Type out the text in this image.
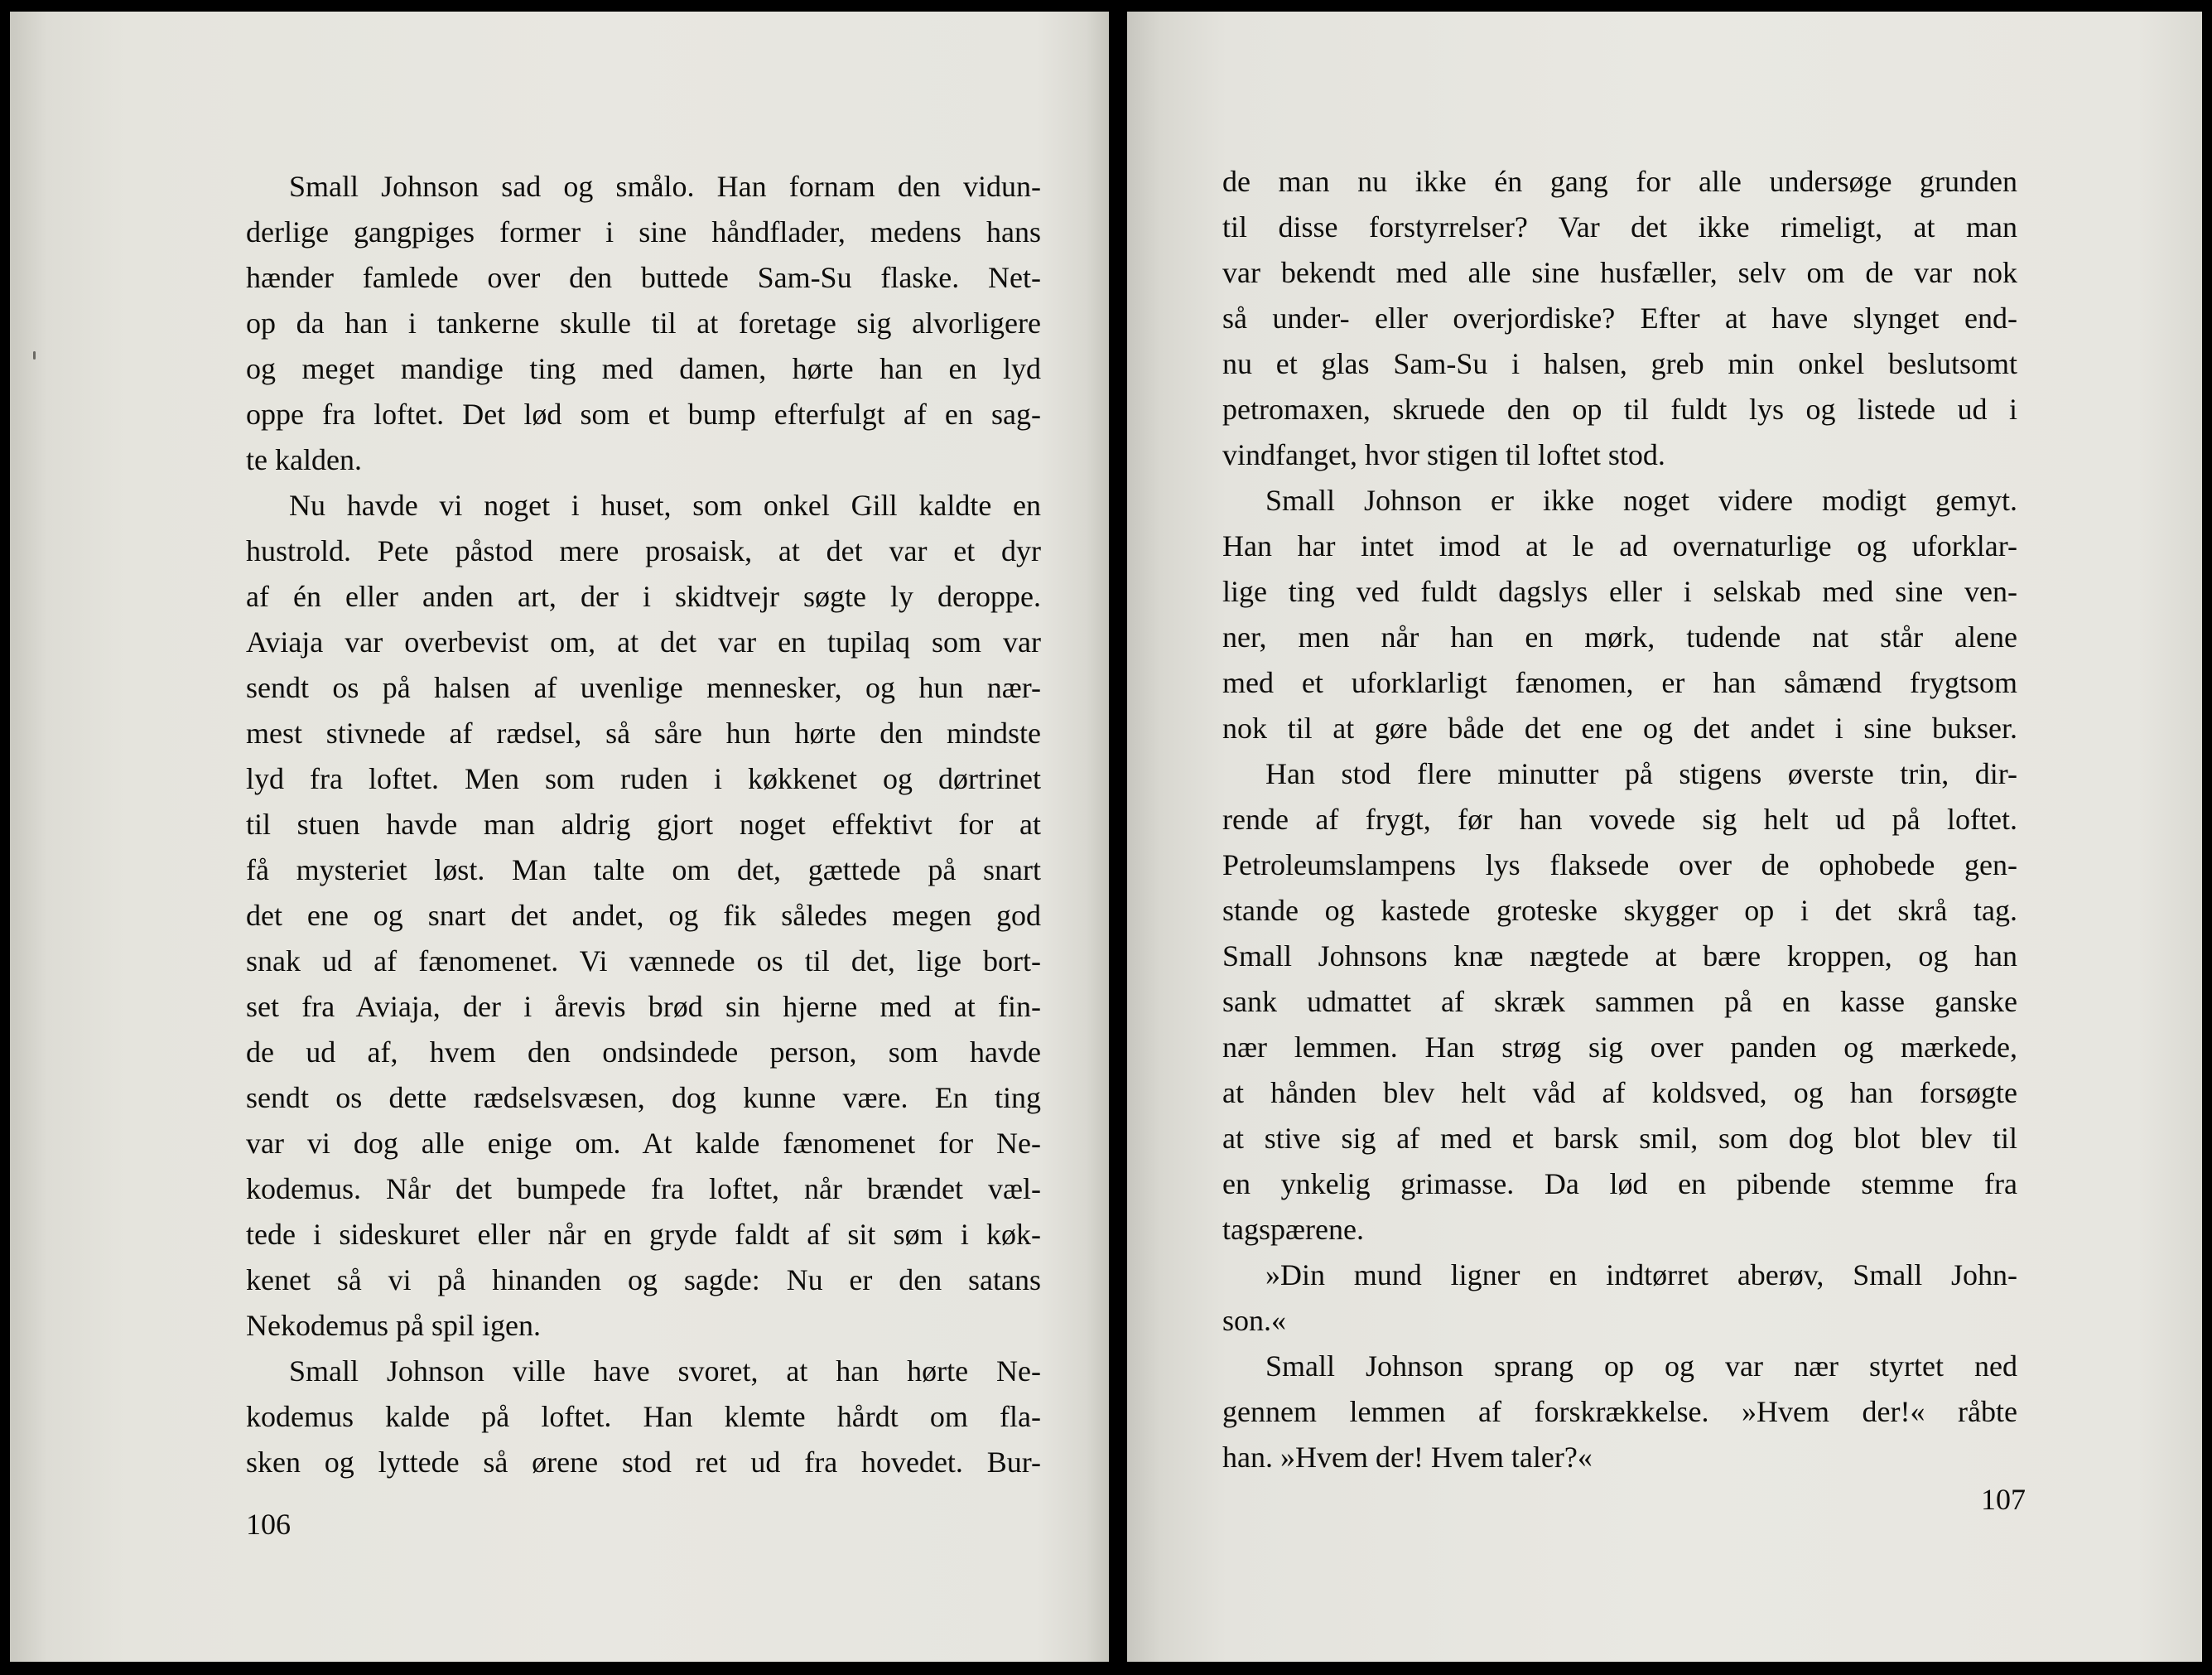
Small Johnson sad og smålo. Han fornam den vidun-
derlige gangpiges former i sine håndflader, medens hans
hænder famlede over den buttede Sam-Su flaske. Net-
op da han i tankerne skulle til at foretage sig alvorligere
og meget mandige ting med damen, hørte han en lyd
oppe fra loftet. Det lød som et bump efterfulgt af en sag-
te kalden.

Nu havde vi noget i huset, som onkel Gill kaldte en
hustrold. Pete påstod mere prosaisk, at det var et dyr
af én eller anden art, der i skidtvejr søgte ly deroppe.
Aviaja var overbevist om, at det var en tupilaq som var
sendt os på halsen af uvenlige mennesker, og hun nær-
mest stivnede af rædsel, så såre hun hørte den mindste
lyd fra loftet. Men som ruden i køkkenet og dørtrinet
til stuen havde man aldrig gjort noget effektivt for at
få mysteriet løst. Man talte om det, gættede på snart
det ene og snart det andet, og fik således megen god
snak ud af fænomenet. Vi vænnede os til det, lige bort-
set fra Aviaja, der i årevis brød sin hjerne med at fin-
de ud af, hvem den ondsindede person, som havde
sendt os dette rædselsvæsen, dog kunne være. En ting
var vi dog alle enige om. At kalde fænomenet for Ne-
kodemus. Når det bumpede fra loftet, når brændet væl-
tede i sideskuret eller når en gryde faldt af sit søm i køk-
kenet så vi på hinanden og sagde: Nu er den satans
Nekodemus på spil igen.

Small Johnson ville have svoret, at han hørte Ne-
kodemus kalde på loftet. Han klemte hårdt om fla-
sken og lyttede så ørene stod ret ud fra hovedet. Bur-

106

de man nu ikke én gang for alle undersøge grunden
til disse forstyrrelser? Var det ikke rimeligt, at man
var bekendt med alle sine husfæller, selv om de var nok
så under- eller overjordiske? Efter at have slynget end-
nu et glas Sam-Su i halsen, greb min onkel beslutsomt
petromaxen, skruede den op til fuldt lys og listede ud i
vindfanget, hvor stigen til loftet stod.

Small Johnson er ikke noget videre modigt gemyt.
Han har intet imod at le ad overnaturlige og uforklar-
lige ting ved fuldt dagslys eller i selskab med sine ven-
ner, men når han en mørk, tudende nat står alene
med et uforklarligt fænomen, er han såmænd frygtsom
nok til at gøre både det ene og det andet i sine bukser.

Han stod flere minutter på stigens øverste trin, dir-
rende af frygt, før han vovede sig helt ud på loftet.
Petroleumslampens lys flaksede over de ophobede gen-
stande og kastede groteske skygger op i det skrå tag.
Small Johnsons knæ nægtede at bære kroppen, og han
sank udmattet af skræk sammen på en kasse ganske
nær lemmen. Han strøg sig over panden og mærkede,
at hånden blev helt våd af koldsved, og han forsøgte
at stive sig af med et barsk smil, som dog blot blev til
en ynkelig grimasse. Da lød en pibende stemme fra
tagspærene.

»Din mund ligner en indtørret aberøv, Small John-
son.«

Small Johnson sprang op og var nær styrtet ned
gennem lemmen af forskrækkelse. »Hvem der!« råbte
han. »Hvem der! Hvem taler?«

107
